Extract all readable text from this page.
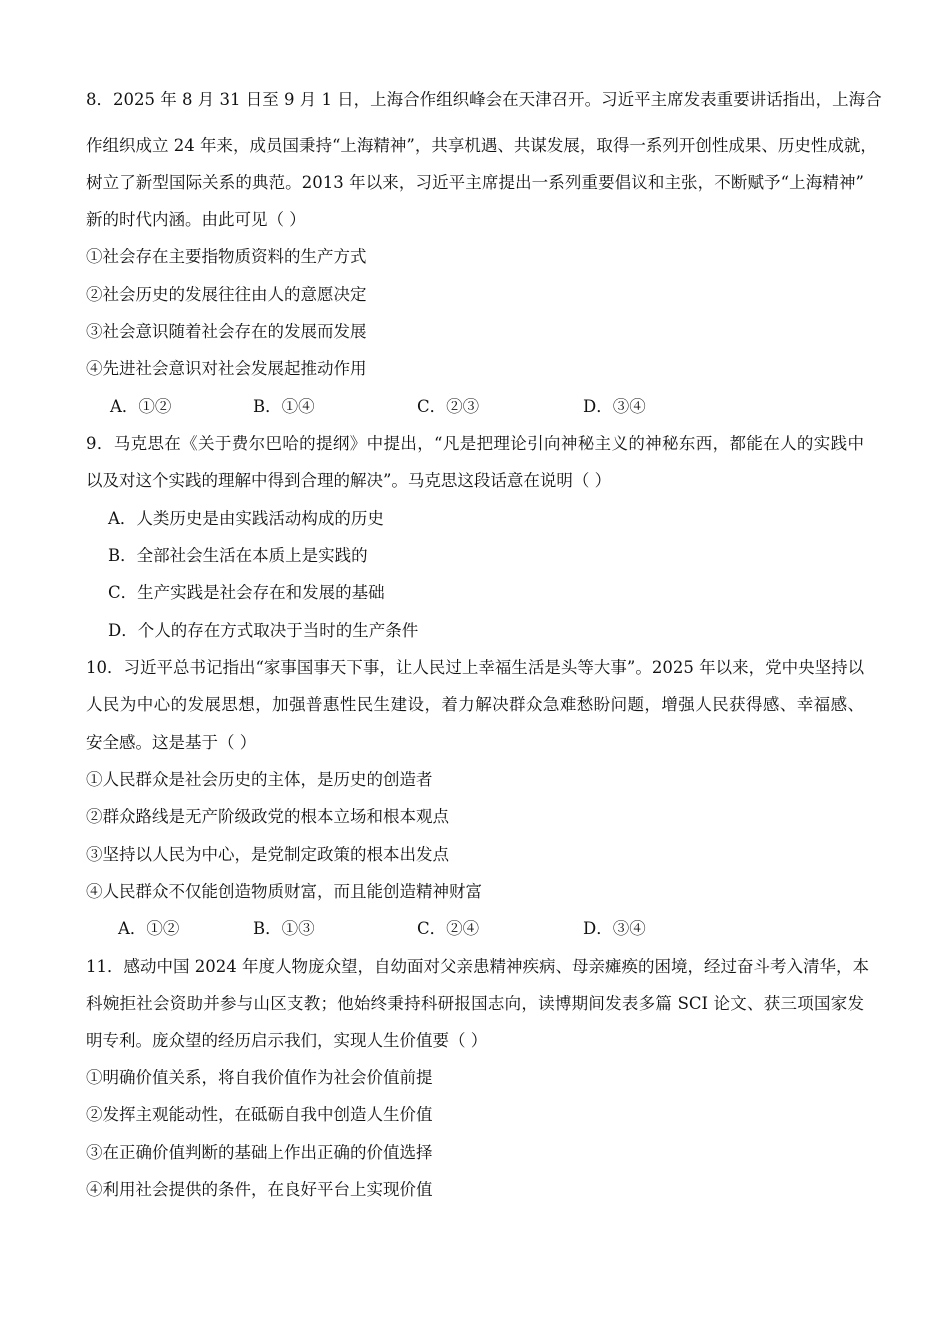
8．2025 年 8 月 31 日至 9 月 1 日，上海合作组织峰会在天津召开。习近平主席发表重要讲话指出，上海合
作组织成立 24 年来，成员国秉持“上海精神”，共享机遇、共谋发展，取得一系列开创性成果、历史性成就，
树立了新型国际关系的典范。2013 年以来，习近平主席提出一系列重要倡议和主张，不断赋予“上海精神”
新的时代内涵。由此可见（ ）
①社会存在主要指物质资料的生产方式
②社会历史的发展往往由人的意愿决定
③社会意识随着社会存在的发展而发展
④先进社会意识对社会发展起推动作用
A．①②	B．①④	C．②③	D．③④
9．马克思在《关于费尔巴哈的提纲》中提出，“凡是把理论引向神秘主义的神秘东西，都能在人的实践中
以及对这个实践的理解中得到合理的解决”。马克思这段话意在说明（ ）
A．人类历史是由实践活动构成的历史
B．全部社会生活在本质上是实践的
C．生产实践是社会存在和发展的基础
D．个人的存在方式取决于当时的生产条件
10．习近平总书记指出“家事国事天下事，让人民过上幸福生活是头等大事”。2025 年以来，党中央坚持以
人民为中心的发展思想，加强普惠性民生建设，着力解决群众急难愁盼问题，增强人民获得感、幸福感、
安全感。这是基于（ ）
①人民群众是社会历史的主体，是历史的创造者
②群众路线是无产阶级政党的根本立场和根本观点
③坚持以人民为中心，是党制定政策的根本出发点
④人民群众不仅能创造物质财富，而且能创造精神财富
A．①②	B．①③	C．②④	D．③④
11．感动中国 2024 年度人物庞众望，自幼面对父亲患精神疾病、母亲瘫痪的困境，经过奋斗考入清华，本
科婉拒社会资助并参与山区支教；他始终秉持科研报国志向，读博期间发表多篇 SCI 论文、获三项国家发
明专利。庞众望的经历启示我们，实现人生价值要（ ）
①明确价值关系，将自我价值作为社会价值前提
②发挥主观能动性，在砥砺自我中创造人生价值
③在正确价值判断的基础上作出正确的价值选择
④利用社会提供的条件，在良好平台上实现价值
